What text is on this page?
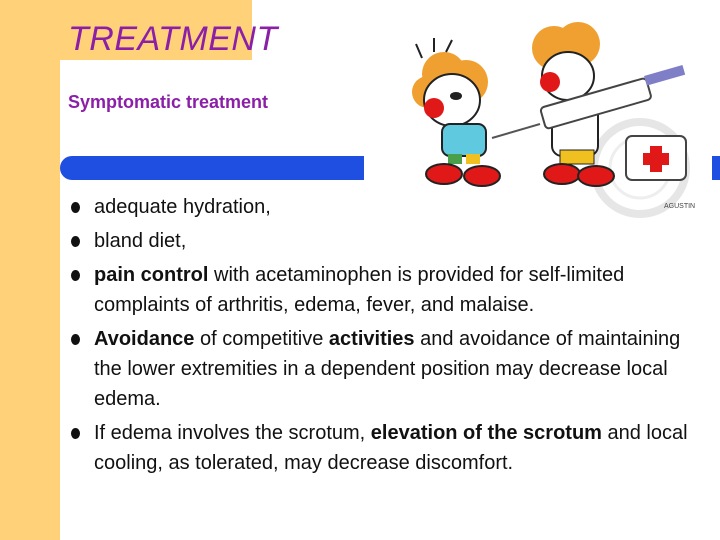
TREATMENT
Symptomatic treatment
AGUSTIN
adequate hydration,
bland diet,
pain control with acetaminophen is provided for self-limited complaints of arthritis, edema, fever, and malaise.
Avoidance of competitive activities and avoidance of maintaining the lower extremities in a dependent position may decrease local edema.
If edema involves the scrotum, elevation of the scrotum and local cooling, as tolerated, may decrease discomfort.
